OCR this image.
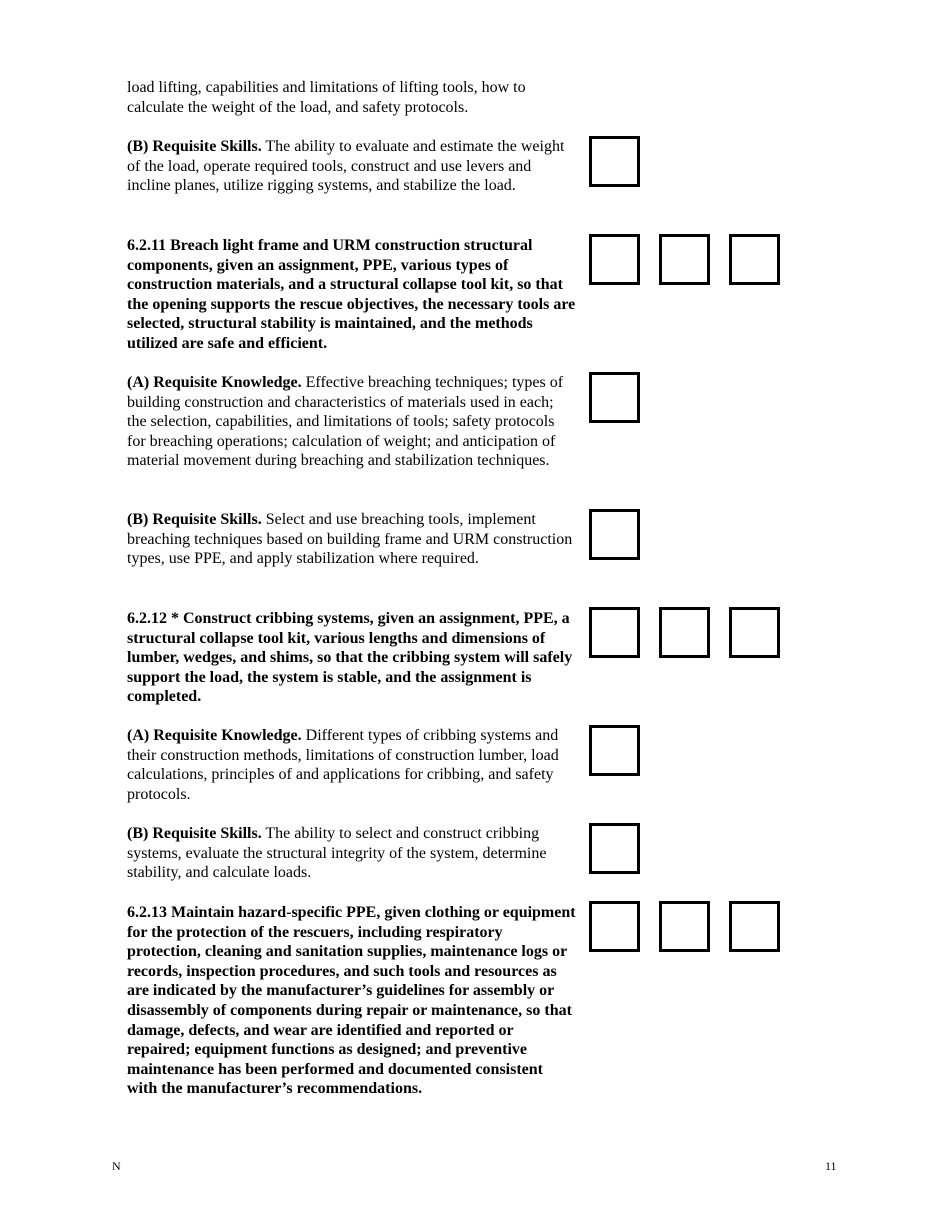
load lifting, capabilities and limitations of lifting tools, how to calculate the weight of the load, and safety protocols.
(B) Requisite Skills. The ability to evaluate and estimate the weight of the load, operate required tools, construct and use levers and incline planes, utilize rigging systems, and stabilize the load.
6.2.11 Breach light frame and URM construction structural components, given an assignment, PPE, various types of construction materials, and a structural collapse tool kit, so that the opening supports the rescue objectives, the necessary tools are selected, structural stability is maintained, and the methods utilized are safe and efficient.
(A) Requisite Knowledge. Effective breaching techniques; types of building construction and characteristics of materials used in each; the selection, capabilities, and limitations of tools; safety protocols for breaching operations; calculation of weight; and anticipation of material movement during breaching and stabilization techniques.
(B) Requisite Skills. Select and use breaching tools, implement breaching techniques based on building frame and URM construction types, use PPE, and apply stabilization where required.
6.2.12 * Construct cribbing systems, given an assignment, PPE, a structural collapse tool kit, various lengths and dimensions of lumber, wedges, and shims, so that the cribbing system will safely support the load, the system is stable, and the assignment is completed.
(A) Requisite Knowledge. Different types of cribbing systems and their construction methods, limitations of construction lumber, load calculations, principles of and applications for cribbing, and safety protocols.
(B) Requisite Skills. The ability to select and construct cribbing systems, evaluate the structural integrity of the system, determine stability, and calculate loads.
6.2.13 Maintain hazard-specific PPE, given clothing or equipment for the protection of the rescuers, including respiratory protection, cleaning and sanitation supplies, maintenance logs or records, inspection procedures, and such tools and resources as are indicated by the manufacturer’s guidelines for assembly or disassembly of components during repair or maintenance, so that damage, defects, and wear are identified and reported or repaired; equipment functions as designed; and preventive maintenance has been performed and documented consistent with the manufacturer’s recommendations.
N	11
